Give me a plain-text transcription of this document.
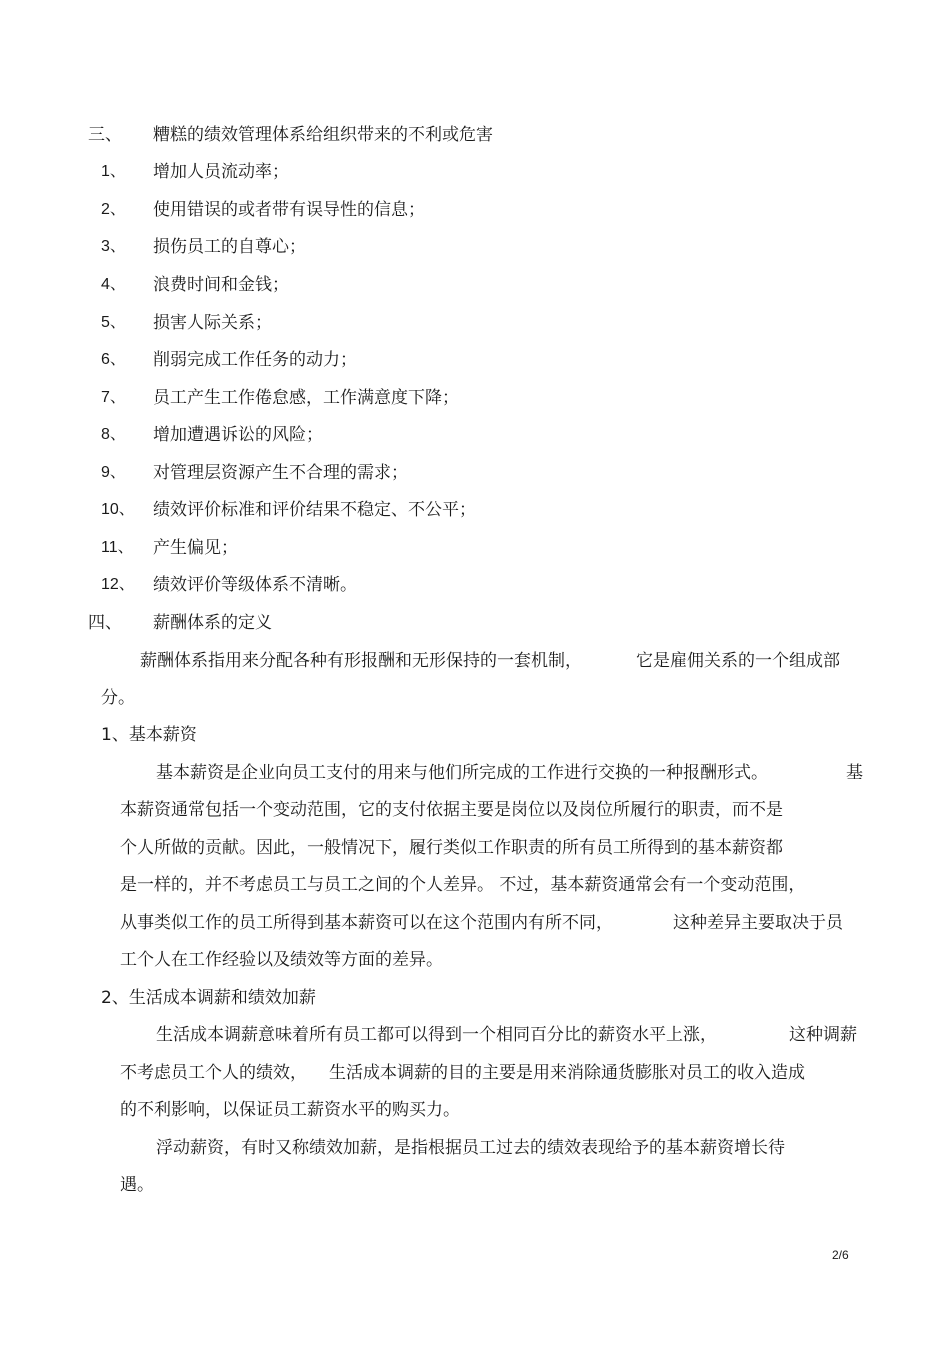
三、 糟糕的绩效管理体系给组织带来的不利或危害
1、 增加人员流动率；
2、 使用错误的或者带有误导性的信息；
3、 损伤员工的自尊心；
4、 浪费时间和金钱；
5、 损害人际关系；
6、 削弱完成工作任务的动力；
7、 员工产生工作倦怠感，工作满意度下降；
8、 增加遭遇诉讼的风险；
9、 对管理层资源产生不合理的需求；
10、 绩效评价标准和评价结果不稳定、不公平；
11、 产生偏见；
12、 绩效评价等级体系不清晰。
四、 薪酬体系的定义
薪酬体系指用来分配各种有形报酬和无形保持的一套机制，	它是雇佣关系的一个组成部
分。
1、基本薪资
基本薪资是企业向员工支付的用来与他们所完成的工作进行交换的一种报酬形式。	基
本薪资通常包括一个变动范围，它的支付依据主要是岗位以及岗位所履行的职责，而不是
个人所做的贡献。因此，一般情况下，履行类似工作职责的所有员工所得到的基本薪资都
是一样的，并不考虑员工与员工之间的个人差异。 不过，基本薪资通常会有一个变动范围，
从事类似工作的员工所得到基本薪资可以在这个范围内有所不同，	这种差异主要取决于员
工个人在工作经验以及绩效等方面的差异。
2、生活成本调薪和绩效加薪
生活成本调薪意味着所有员工都可以得到一个相同百分比的薪资水平上涨，	这种调薪
不考虑员工个人的绩效， 生活成本调薪的目的主要是用来消除通货膨胀对员工的收入造成
的不利影响，以保证员工薪资水平的购买力。
浮动薪资，有时又称绩效加薪，是指根据员工过去的绩效表现给予的基本薪资增长待
遇。
2/6
